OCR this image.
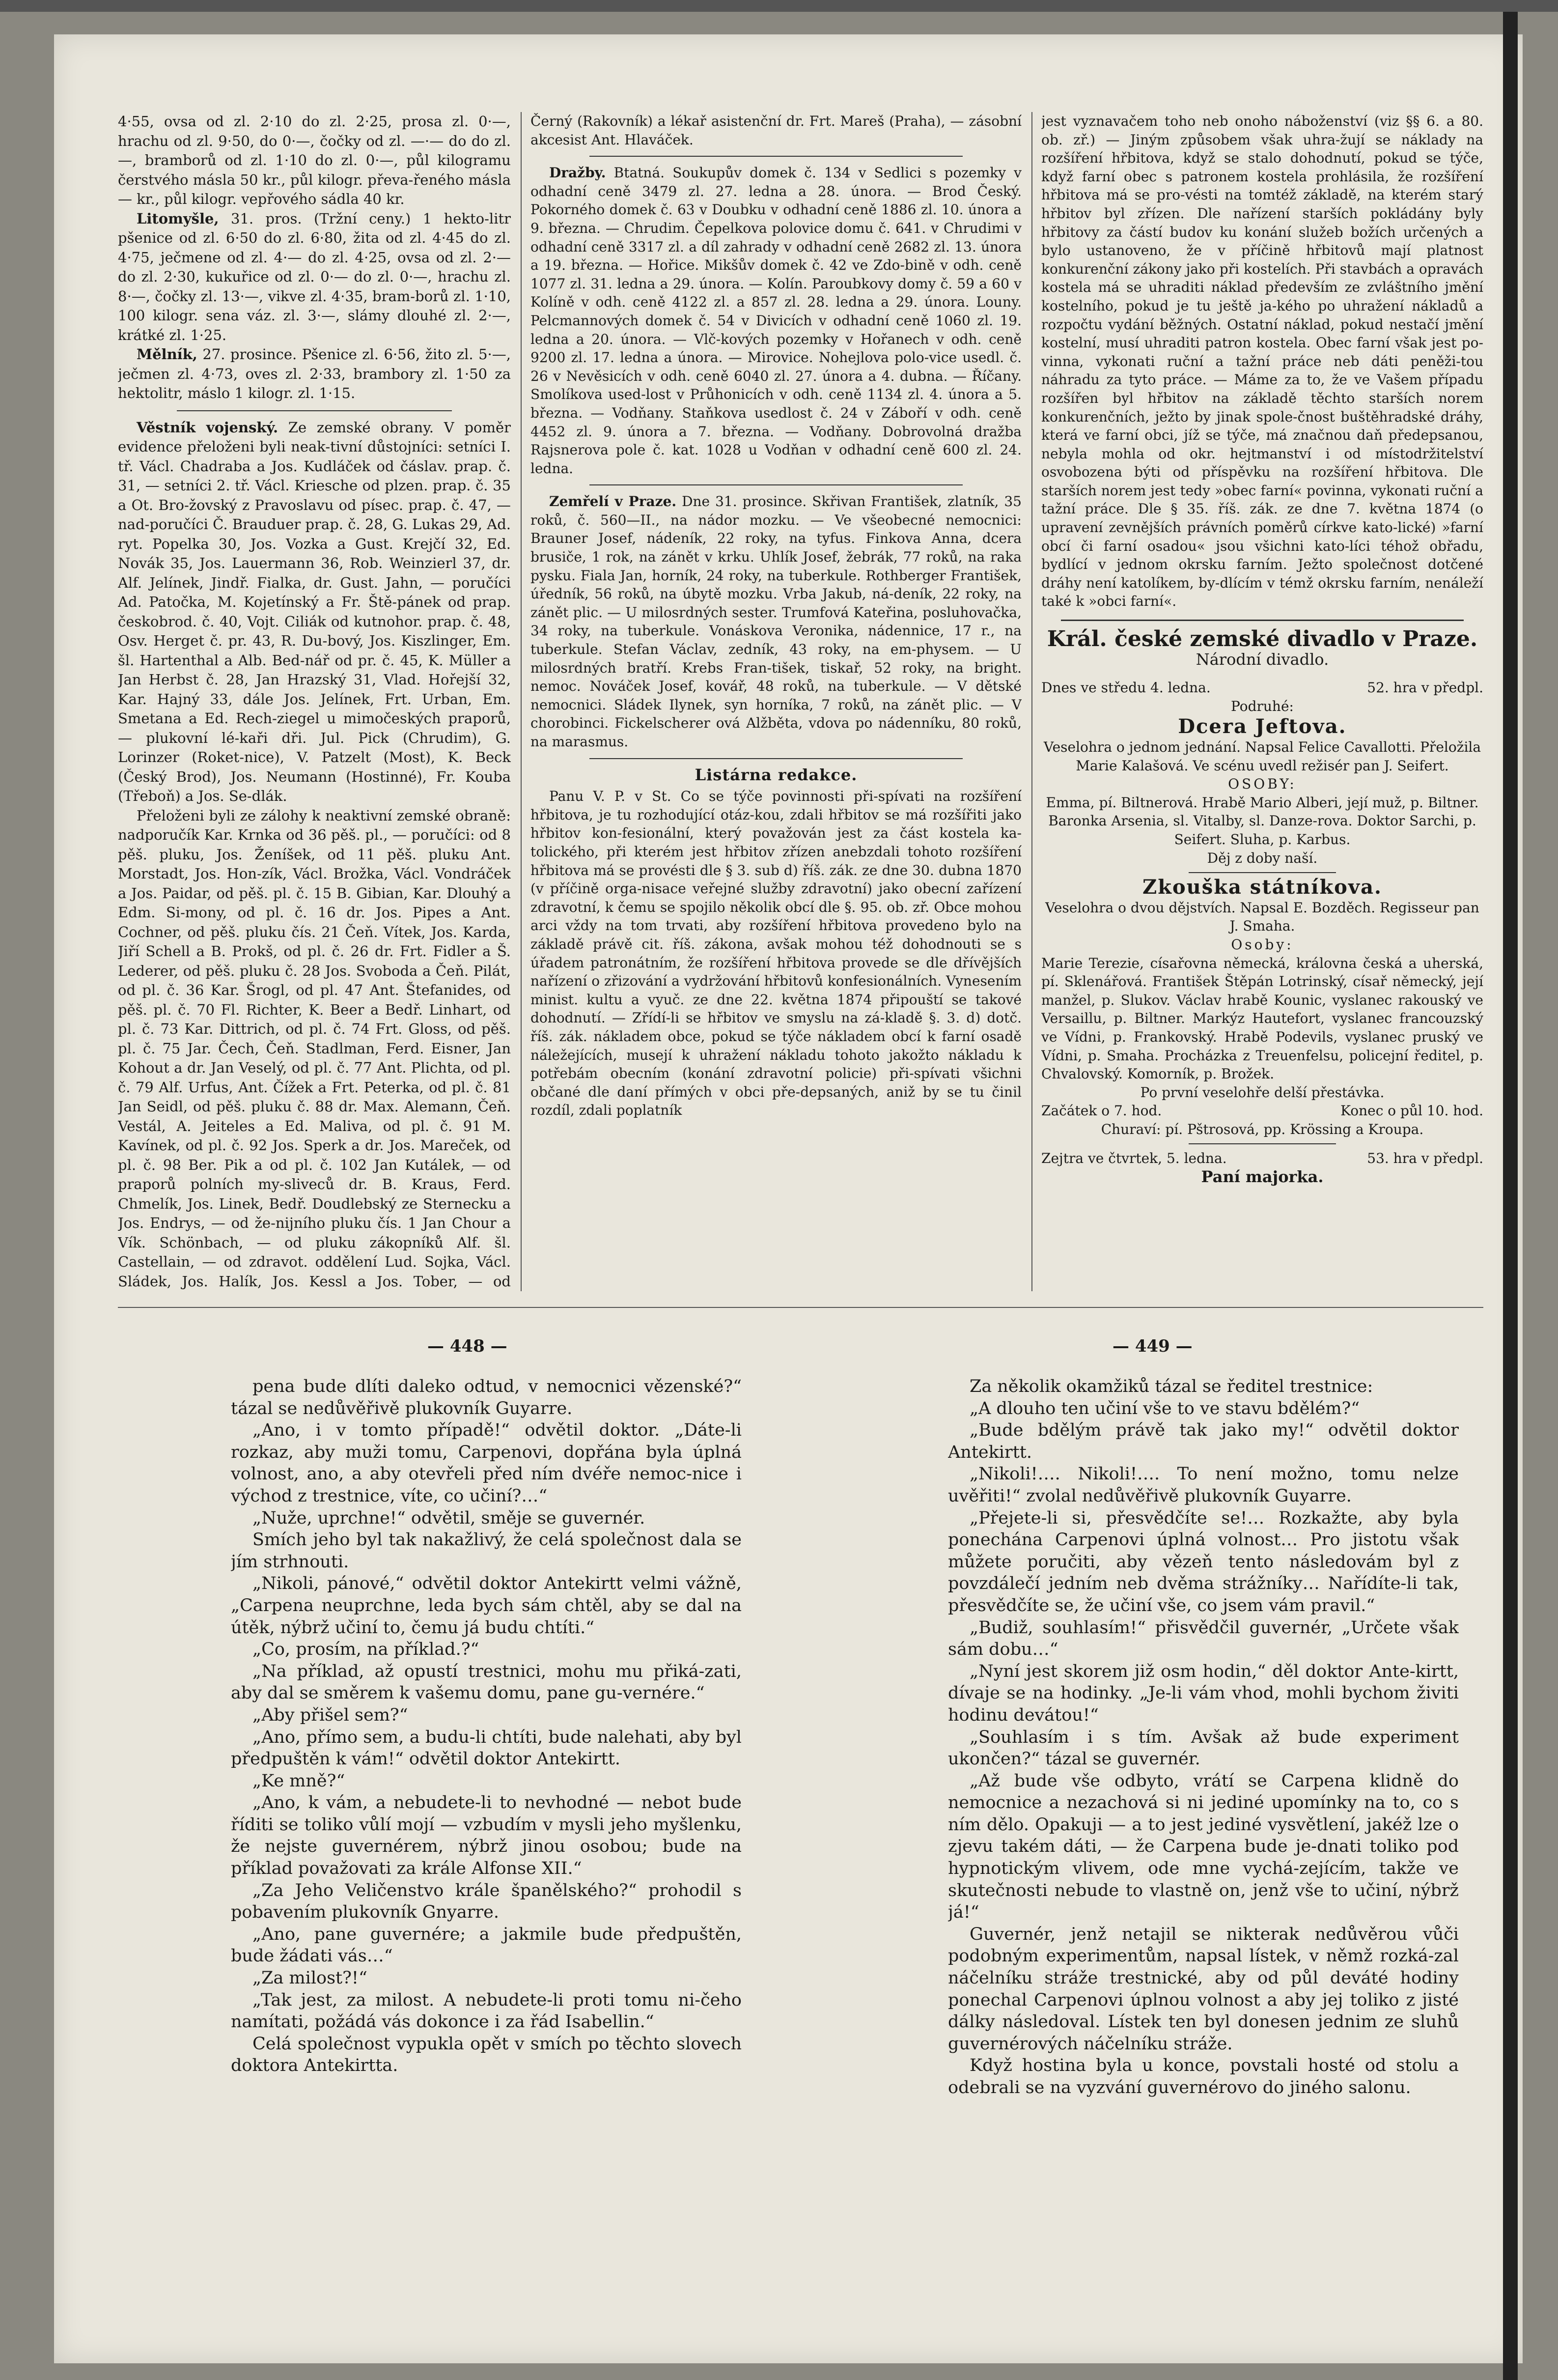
4·55, ovsa od zl. 2·10 do zl. 2·25, prosa zl. 0·—, hrachu od zl. 9·50, do 0·—, čočky od zl. —·— do do zl. —, bramborů od zl. 1·10 do zl. 0·—, půl kilogramu čerstvého másla 50 kr., půl kilogr. převa-řeného másla — kr., půl kilogr. vepřového sádla 40 kr.

Litomyšle, 31. pros. (Tržní ceny.) 1 hekto-litr pšenice od zl. 6·50 do zl. 6·80, žita od zl. 4·45 do zl. 4·75, ječmene od zl. 4·— do zl. 4·25, ovsa od zl. 2·— do zl. 2·30, kukuřice od zl. 0·— do zl. 0·—, hrachu zl. 8·—, čočky zl. 13·—, vikve zl. 4·35, bram-borů zl. 1·10, 100 kilogr. sena váz. zl. 3·—, slámy dlouhé zl. 2·—, krátké zl. 1·25.

Mělník, 27. prosince. Pšenice zl. 6·56, žito zl. 5·—, ječmen zl. 4·73, oves zl. 2·33, brambory zl. 1·50 za hektolitr, máslo 1 kilogr. zl. 1·15.

Věstník vojenský. Ze zemské obrany. V poměr evidence přeloženi byli neak-tivní důstojníci: setníci I. tř. Václ. Chadraba a Jos. Kudláček od čáslav. prap. č. 31, — setníci 2. tř. Václ. Kriesche od plzen. prap. č. 35 a Ot. Bro-žovský z Pravoslavu od písec. prap. č. 47, — nad-poručíci Č. Brauduer prap. č. 28, G. Lukas 29, Ad. ryt. Popelka 30, Jos. Vozka a Gust. Krejčí 32, Ed. Novák 35, Jos. Lauermann 36, Rob. Weinzierl 37, dr. Alf. Jelínek, Jindř. Fialka, dr. Gust. Jahn, — poručíci Ad. Patočka, M. Kojetínský a Fr. Ště-pánek od prap. českobrod. č. 40, Vojt. Ciliák od kutnohor. prap. č. 48, Osv. Herget č. pr. 43, R. Du-bový, Jos. Kiszlinger, Em. šl. Hartenthal a Alb. Bed-nář od pr. č. 45, K. Müller a Jan Herbst č. 28, Jan Hrazský 31, Vlad. Hořejší 32, Kar. Hajný 33, dále Jos. Jelínek, Frt. Urban, Em. Smetana a Ed. Rech-ziegel u mimočeských praporů, — plukovní lé-kaři dři. Jul. Pick (Chrudim), G. Lorinzer (Roket-nice), V. Patzelt (Most), K. Beck (Český Brod), Jos. Neumann (Hostinné), Fr. Kouba (Třeboň) a Jos. Se-dlák.

Přeloženi byli ze zálohy k neaktivní zemské obraně: nadporučík Kar. Krnka od 36 pěš. pl., — poručíci: od 8 pěš. pluku, Jos. Ženíšek, od 11 pěš. pluku Ant. Morstadt, Jos. Hon-zík, Václ. Brožka, Václ. Vondráček a Jos. Paidar, od pěš. pl. č. 15 B. Gibian, Kar. Dlouhý a Edm. Si-mony, od pl. č. 16 dr. Jos. Pipes a Ant. Cochner, od pěš. pluku čís. 21 Čeň. Vítek, Jos. Karda, Jiří Schell a B. Prokš, od pl. č. 26 dr. Frt. Fidler a Š. Lederer, od pěš. pluku č. 28 Jos. Svoboda a Čeň. Pilát, od pl. č. 36 Kar. Šrogl, od pl. 47 Ant. Štefanides, od pěš. pl. č. 70 Fl. Richter, K. Beer a Bedř. Linhart, od pl. č. 73 Kar. Dittrich, od pl. č. 74 Frt. Gloss, od pěš. pl. č. 75 Jar. Čech, Čeň. Stadlman, Ferd. Eisner, Jan Kohout a dr. Jan Veselý, od pl. č. 77 Ant. Plichta, od pl. č. 79 Alf. Urfus, Ant. Čížek a Frt. Peterka, od pl. č. 81 Jan Seidl, od pěš. pluku č. 88 dr. Max. Alemann, Čeň. Vestál, A. Jeiteles a Ed. Maliva, od pl. č. 91 M. Kavínek, od pl. č. 92 Jos. Sperk a dr. Jos. Mareček, od pl. č. 98 Ber. Pik a od pl. č. 102 Jan Kutálek, — od praporů polních my-sliveců dr. B. Kraus, Ferd. Chmelík, Jos. Linek, Bedř. Doudlebský ze Sternecku a Jos. Endrys, — od že-nijního pluku čís. 1 Jan Chour a Vík. Schönbach, — od pluku zákopníků Alf. šl. Castellain, — od zdravot. oddělení Lud. Sojka, Václ. Sládek, Jos. Halík, Jos. Kessl a Jos. Tober, — od

Černý (Rakovník) a lékař asistenční dr. Frt. Mareš (Praha), — zásobní akcesist Ant. Hlaváček.

Dražby. Btatná. Soukupův domek č. 134 v Sedlici s pozemky v odhadní ceně 3479 zl. 27. ledna a 28. února. — Brod Český. Pokorného domek č. 63 v Doubku v odhadní ceně 1886 zl. 10. února a 9. března. — Chrudim. Čepelkova polovice domu č. 641. v Chrudimi v odhadní ceně 3317 zl. a díl zahrady v odhadní ceně 2682 zl. 13. února a 19. března. — Hořice. Mikšův domek č. 42 ve Zdo-bině v odh. ceně 1077 zl. 31. ledna a 29. února. — Kolín. Paroubkovy domy č. 59 a 60 v Kolíně v odh. ceně 4122 zl. a 857 zl. 28. ledna a 29. února. Louny. Pelcmannových domek č. 54 v Divicích v odhadní ceně 1060 zl. 19. ledna a 20. února. — Vlč-kových pozemky v Hořanech v odh. ceně 9200 zl. 17. ledna a února. — Mirovice. Nohejlova polo-vice usedl. č. 26 v Nevěsicích v odh. ceně 6040 zl. 27. února a 4. dubna. — Říčany. Smolíkova used-lost v Průhonicích v odh. ceně 1134 zl. 4. února a 5. března. — Vodňany. Staňkova usedlost č. 24 v Záboří v odh. ceně 4452 zl. 9. února a 7. března. — Vodňany. Dobrovolná dražba Rajsnerova pole č. kat. 1028 u Vodňan v odhadní ceně 600 zl. 24. ledna.

Zemřelí v Praze. Dne 31. prosince. Skřivan František, zlatník, 35 roků, č. 560—II., na nádor mozku. — Ve všeobecné nemocnici: Brauner Josef, nádeník, 22 roky, na tyfus. Finkova Anna, dcera brusiče, 1 rok, na zánět v krku. Uhlík Josef, žebrák, 77 roků, na raka pysku. Fiala Jan, horník, 24 roky, na tuberkule. Rothberger František, úředník, 56 roků, na úbytě mozku. Vrba Jakub, ná-deník, 22 roky, na zánět plic. — U milosrdných sester. Trumfová Kateřina, posluhovačka, 34 roky, na tuberkule. Vonáskova Veronika, nádennice, 17 r., na tuberkule. Stefan Václav, zedník, 43 roky, na em-physem. — U milosrdných bratří. Krebs Fran-tišek, tiskař, 52 roky, na bright. nemoc. Nováček Josef, kovář, 48 roků, na tuberkule. — V dětské nemocnici. Sládek Ilynek, syn horníka, 7 roků, na zánět plic. — V chorobinci. Fickelscherer ová Alžběta, vdova po nádenníku, 80 roků, na marasmus.

Listárna redakce.

Panu V. P. v St. Co se týče povinnosti při-spívati na rozšíření hřbitova, je tu rozhodující otáz-kou, zdali hřbitov se má rozšířiti jako hřbitov kon-fesionální, který považován jest za část kostela ka-tolického, při kterém jest hřbitov zřízen anebzdali tohoto rozšíření hřbitova má se provésti dle § 3. sub d) říš. zák. ze dne 30. dubna 1870 (v příčině orga-nisace veřejné služby zdravotní) jako obecní zařízení zdravotní, k čemu se spojilo několik obcí dle §. 95. ob. zř. Obce mohou arci vždy na tom trvati, aby rozšíření hřbitova provedeno bylo na základě právě cit. říš. zákona, avšak mohou též dohodnouti se s úřadem patronátním, že rozšíření hřbitova provede se dle dřívějších nařízení o zřizování a vydržování hřbitovů konfesionálních. Vynesením minist. kultu a vyuč. ze dne 22. května 1874 připouští se takové dohodnutí. — Zřídí-li se hřbitov ve smyslu na zá-kladě §. 3. d) dotč. říš. zák. nákladem obce, pokud se týče nákladem obcí k farní osadě náležejících, musejí k uhražení nákladu tohoto jakožto nákladu k potřebám obecním (konání zdravotní policie) při-spívati všichni občané dle daní přímých v obci pře-depsaných, aniž by se tu činil rozdíl, zdali poplatník

jest vyznavačem toho neb onoho náboženství (viz §§ 6. a 80. ob. zř.) — Jiným způsobem však uhra-žují se náklady na rozšíření hřbitova, když se stalo dohodnutí, pokud se týče, když farní obec s patronem kostela prohlásila, že rozšíření hřbitova má se pro-vésti na tomtéž základě, na kterém starý hřbitov byl zřízen. Dle nařízení starších pokládány byly hřbitovy za částí budov ku konání služeb božích určených a bylo ustanoveno, že v příčině hřbitovů mají platnost konkurenční zákony jako při kostelích. Při stavbách a opravách kostela má se uhraditi náklad především ze zvláštního jmění kostelního, pokud je tu ještě ja-kého po uhražení nákladů a rozpočtu vydání běžných. Ostatní náklad, pokud nestačí jmění kostelní, musí uhraditi patron kostela. Obec farní však jest po-vinna, vykonati ruční a tažní práce neb dáti peněži-tou náhradu za tyto práce. — Máme za to, že ve Vašem případu rozšířen byl hřbitov na základě těchto starších norem konkurenčních, ježto by jinak spole-čnost buštěhradské dráhy, která ve farní obci, jíž se týče, má značnou daň předepsanou, nebyla mohla od okr. hejtmanství i od místodržitelství osvobozena býti od příspěvku na rozšíření hřbitova. Dle starších norem jest tedy »obec farní« povinna, vykonati ruční a tažní práce. Dle § 35. říš. zák. ze dne 7. května 1874 (o upravení zevnějších právních poměrů církve kato-lické) »farní obcí či farní osadou« jsou všichni kato-líci téhož obřadu, bydlící v jednom okrsku farním. Ježto společnost dotčené dráhy není katolíkem, by-dlícím v témž okrsku farním, nenáleží také k »obci farní«.

Král. české zemské divadlo v Praze.
Národní divadlo.
Dnes ve středu 4. ledna.	52. hra v předpl.
Podruhé:
Dcera Jeftova.

Veselohra o jednom jednání. Napsal Felice Cavallotti. Přeložila Marie Kalašová. Ve scénu uvedl režisér pan J. Seifert.

OSOBY:

Emma, pí. Biltnerová. Hrabě Mario Alberi, její muž, p. Biltner. Baronka Arsenia, sl. Vitalby, sl. Danze-rova. Doktor Sarchi, p. Seifert. Sluha, p. Karbus.

Děj z doby naší.
Zkouška státníkova.

Veselohra o dvou dějstvích. Napsal E. Bozděch. Regisseur pan J. Smaha.

Osoby:

Marie Terezie, císařovna německá, královna česká a uherská, pí. Sklenářová. František Štěpán Lotrinský, císař německý, její manžel, p. Slukov. Václav hrabě Kounic, vyslanec rakouský ve Versaillu, p. Biltner. Markýz Hautefort, vyslanec francouzský ve Vídni, p. Frankovský. Hrabě Podevils, vyslanec pruský ve Vídni, p. Smaha. Procházka z Treuenfelsu, policejní ředitel, p. Chvalovský. Komorník, p. Brožek.

Po první veselohře delší přestávka.
Začátek o 7. hod.	Konec o půl 10. hod.
Churaví: pí. Pštrosová, pp. Krössing a Kroupa.
Zejtra ve čtvrtek, 5. ledna.	53. hra v předpl.
Paní majorka.
— 448 —	— 449 —

pena bude dlíti daleko odtud, v nemocnici vězenské?“ tázal se nedůvěřivě plukovník Guyarre.

„Ano, i v tomto případě!“ odvětil doktor. „Dáte-li rozkaz, aby muži tomu, Carpenovi, dopřána byla úplná volnost, ano, a aby otevřeli před ním dvéře nemoc-nice i východ z trestnice, víte, co učiní?…“

„Nuže, uprchne!“ odvětil, směje se guvernér.

Smích jeho byl tak nakažlivý, že celá společnost dala se jím strhnouti.

„Nikoli, pánové,“ odvětil doktor Antekirtt velmi vážně, „Carpena neuprchne, leda bych sám chtěl, aby se dal na útěk, nýbrž učiní to, čemu já budu chtíti.“

„Co, prosím, na příklad.?“

„Na příklad, až opustí trestnici, mohu mu přiká-zati, aby dal se směrem k vašemu domu, pane gu-vernére.“

„Aby přišel sem?“

„Ano, přímo sem, a budu-li chtíti, bude nalehati, aby byl předpuštěn k vám!“ odvětil doktor Antekirtt.

„Ke mně?“

„Ano, k vám, a nebudete-li to nevhodné — nebot bude říditi se toliko vůlí mojí — vzbudím v mysli jeho myšlenku, že nejste guvernérem, nýbrž jinou osobou; bude na příklad považovati za krále Alfonse XII.“

„Za Jeho Veličenstvo krále španělského?“ prohodil s pobavením plukovník Gnyarre.

„Ano, pane guvernére; a jakmile bude předpuštěn, bude žádati vás…“

„Za milost?!“

„Tak jest, za milost. A nebudete-li proti tomu ni-čeho namítati, požádá vás dokonce i za řád Isabellin.“

Celá společnost vypukla opět v smích po těchto slovech doktora Antekirtta.

Za několik okamžiků tázal se ředitel trestnice:

„A dlouho ten učiní vše to ve stavu bdělém?“

„Bude bdělým právě tak jako my!“ odvětil doktor Antekirtt.

„Nikoli!…. Nikoli!…. To není možno, tomu nelze uvěřiti!“ zvolal nedůvěřivě plukovník Guyarre.

„Přejete-li si, přesvědčíte se!… Rozkažte, aby byla ponechána Carpenovi úplná volnost… Pro jistotu však můžete poručiti, aby vězeň tento následovám byl z povzdálečí jedním neb dvěma strážníky… Nařídíte-li tak, přesvědčíte se, že učiní vše, co jsem vám pravil.“

„Budiž, souhlasím!“ přisvědčil guvernér, „Určete však sám dobu…“

„Nyní jest skorem již osm hodin,“ děl doktor Ante-kirtt, dívaje se na hodinky. „Je-li vám vhod, mohli bychom živiti hodinu devátou!“

„Souhlasím i s tím. Avšak až bude experiment ukončen?“ tázal se guvernér.

„Až bude vše odbyto, vrátí se Carpena klidně do nemocnice a nezachová si ni jediné upomínky na to, co s ním dělo. Opakuji — a to jest jediné vysvětlení, jakéž lze o zjevu takém dáti, — že Carpena bude je-dnati toliko pod hypnotickým vlivem, ode mne vychá-zejícím, takže ve skutečnosti nebude to vlastně on, jenž vše to učiní, nýbrž já!“

Guvernér, jenž netajil se nikterak nedůvěrou vůči podobným experimentům, napsal lístek, v němž rozká-zal náčelníku stráže trestnické, aby od půl deváté hodiny ponechal Carpenovi úplnou volnost a aby jej toliko z jisté dálky následoval. Lístek ten byl donesen jednim ze sluhů guvernérových náčelníku stráže.

Když hostina byla u konce, povstali hosté od stolu a odebrali se na vyzvání guvernérovo do jiného salonu.
